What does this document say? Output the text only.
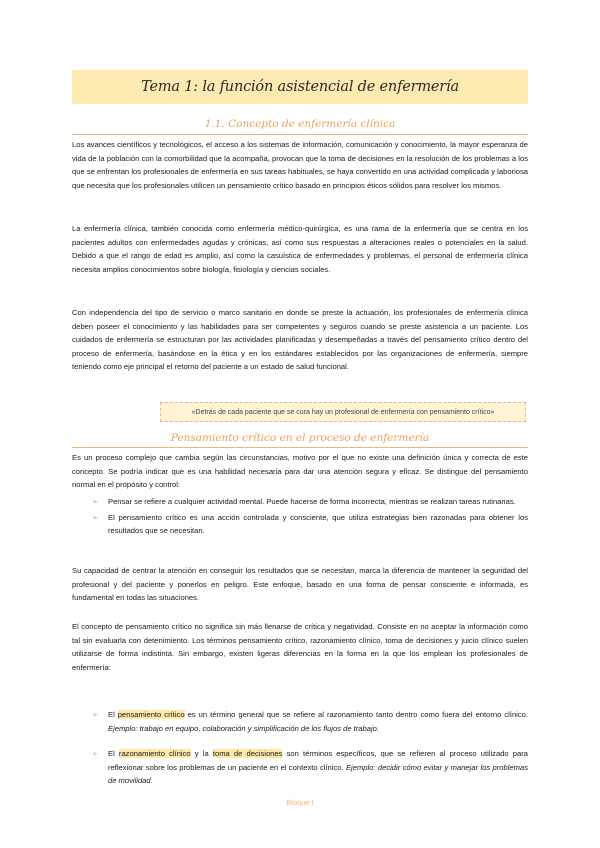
Tema 1: la función asistencial de enfermería
1.1. Concepto de enfermería clínica

Los avances científicos y tecnológicos, el acceso a los sistemas de información, comunicación y conocimiento, la mayor esperanza de vida de la población con la comorbilidad que la acompaña, provocan que la toma de decisiones en la resolución de los problemas a los que se enfrentan los profesionales de enfermería en sus tareas habituales, se haya convertido en una actividad complicada y laboriosa que necesita que los profesionales utilicen un pensamiento crítico basado en principios éticos sólidos para resolver los mismos.

La enfermería clínica, también conocida como enfermería médico-quirúrgica, es una rama de la enfermería que se centra en los pacientes adultos con enfermedades agudas y crónicas, así como sus respuestas a alteraciones reales o potenciales en la salud. Debido a que el rango de edad es amplio, así como la casuística de enfermedades y problemas, el personal de enfermería clínica necesita amplios conocimientos sobre biología, fisiología y ciencias sociales.

Con independencia del tipo de servicio o marco sanitario en donde se preste la actuación, los profesionales de enfermería clínica deben poseer el conocimiento y las habilidades para ser competentes y seguros cuando se preste asistencia a un paciente. Los cuidados de enfermería se estructuran por las actividades planificadas y desempeñadas a través del pensamiento crítico dentro del proceso de enfermería, basándose en la ética y en los estándares establecidos por las organizaciones de enfermería, siempre teniendo como eje principal el retorno del paciente a un estado de salud funcional.

«Detrás de cada paciente que se cura hay un profesional de enfermería con pensamiento crítico»
Pensamiento crítico en el proceso de enfermería

Es un proceso complejo que cambia según las circunstancias, motivo por el que no existe una definición única y correcta de este concepto. Se podría indicar que es una habilidad necesaria para dar una atención segura y eficaz. Se distingue del pensamiento normal en el propósito y control:

➢ Pensar se refiere a cualquier actividad mental. Puede hacerse de forma incorrecta, mientras se realizan tareas rutinarias.
➢ El pensamiento crítico es una acción controlada y consciente, que utiliza estrategias bien razonadas para obtener los resultados que se necesitan.

Su capacidad de centrar la atención en conseguir los resultados que se necesitan, marca la diferencia de mantener la seguridad del profesional y del paciente y ponerlos en peligro. Este enfoque, basado en una forma de pensar consciente e informada, es fundamental en todas las situaciones.

El concepto de pensamiento crítico no significa sin más llenarse de crítica y negatividad. Consiste en no aceptar la información como tal sin evaluarla con detenimiento. Los términos pensamiento crítico, razonamiento clínico, toma de decisiones y juicio clínico suelen utilizarse de forma indistinta. Sin embargo, existen ligeras diferencias en la forma en la que los emplean los profesionales de enfermería:

➢ El pensamiento crítico es un término general que se refiere al razonamiento tanto dentro como fuera del entorno clínico. Ejemplo: trabajo en equipo, colaboración y simplificación de los flujos de trabajo.
➢ El razonamiento clínico y la toma de decisiones son términos específicos, que se refieren al proceso utilizado para reflexionar sobre los problemas de un paciente en el contexto clínico. Ejemplo: decidir cómo evitar y manejar los problemas de movilidad.
Bloque I
